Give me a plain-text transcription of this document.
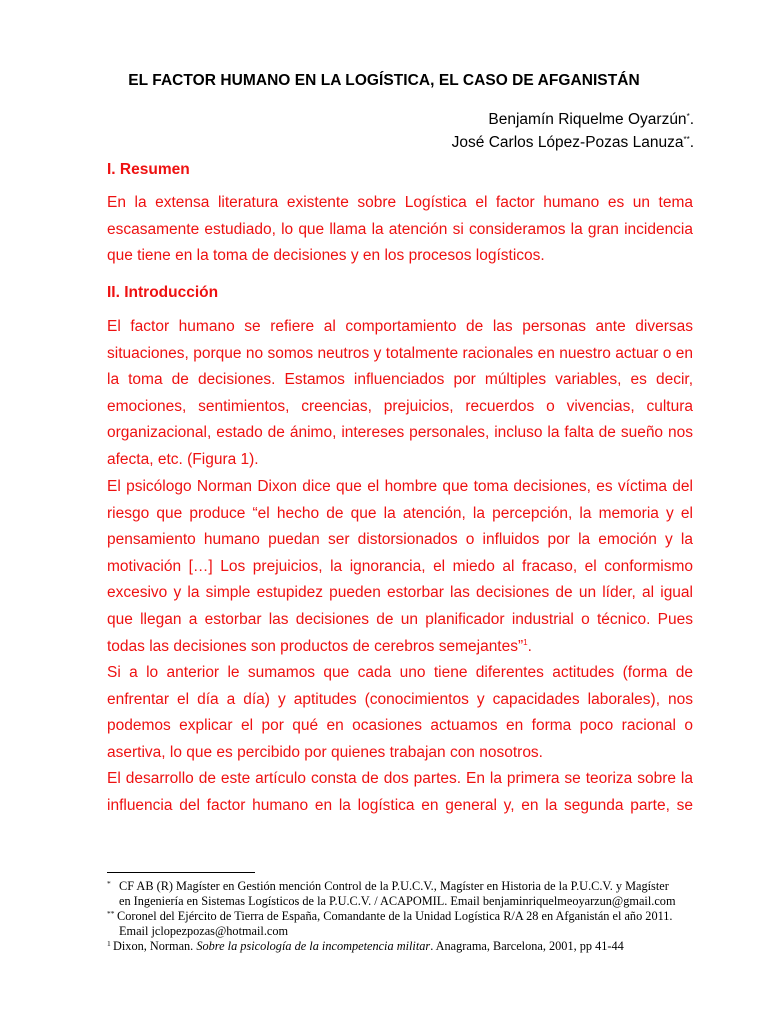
EL FACTOR HUMANO EN LA LOGÍSTICA, EL CASO DE AFGANISTÁN
Benjamín Riquelme Oyarzún*.
José Carlos López-Pozas Lanuza**.
I. Resumen
En la extensa literatura existente sobre Logística el factor humano es un tema escasamente estudiado, lo que llama la atención si consideramos la gran incidencia que tiene en la toma de decisiones y en los procesos logísticos.
II. Introducción
El factor humano se refiere al comportamiento de las personas ante diversas situaciones, porque no somos neutros y totalmente racionales en nuestro actuar o en la toma de decisiones. Estamos influenciados por múltiples variables, es decir, emociones, sentimientos, creencias, prejuicios, recuerdos o vivencias, cultura organizacional, estado de ánimo, intereses personales, incluso la falta de sueño nos afecta, etc. (Figura 1).
El psicólogo Norman Dixon dice que el hombre que toma decisiones, es víctima del riesgo que produce “el hecho de que la atención, la percepción, la memoria y el pensamiento humano puedan ser distorsionados o influidos por la emoción y la motivación […] Los prejuicios, la ignorancia, el miedo al fracaso, el conformismo excesivo y la simple estupidez pueden estorbar las decisiones de un líder, al igual que llegan a estorbar las decisiones de un planificador industrial o técnico. Pues todas las decisiones son productos de cerebros semejantes”$^1$.
Si a lo anterior le sumamos que cada uno tiene diferentes actitudes (forma de enfrentar el día a día) y aptitudes (conocimientos y capacidades laborales), nos podemos explicar el por qué en ocasiones actuamos en forma poco racional o asertiva, lo que es percibido por quienes trabajan con nosotros.
El desarrollo de este artículo consta de dos partes. En la primera se teoriza sobre la influencia del factor humano en la logística en general y, en la segunda parte, se
* CF AB (R) Magíster en Gestión mención Control de la P.U.C.V., Magíster en Historia de la P.U.C.V. y Magíster
en Ingeniería en Sistemas Logísticos de la P.U.C.V. / ACAPOMIL. Email benjaminriquelmeoyarzun@gmail.com
** Coronel del Ejército de Tierra de España, Comandante de la Unidad Logística R/A 28 en Afganistán el año 2011.
Email jclopezpozas@hotmail.com
1 Dixon, Norman. Sobre la psicología de la incompetencia militar. Anagrama, Barcelona, 2001, pp 41-44
